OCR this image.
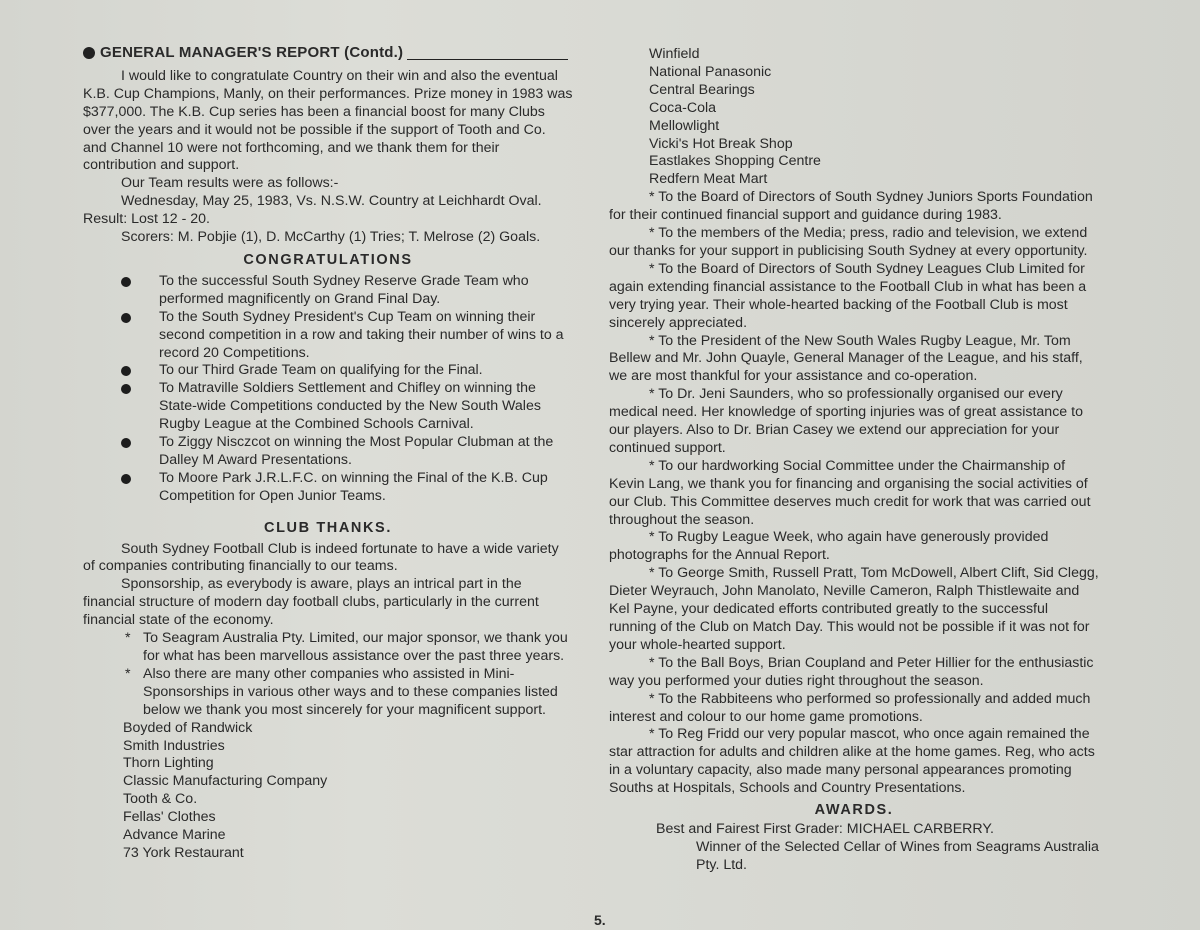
GENERAL MANAGER'S REPORT (Contd.)

I would like to congratulate Country on their win and also the eventual K.B. Cup Champions, Manly, on their performances. Prize money in 1983 was $377,000. The K.B. Cup series has been a financial boost for many Clubs over the years and it would not be possible if the support of Tooth and Co. and Channel 10 were not forthcoming, and we thank them for their contribution and support.

Our Team results were as follows:-

Wednesday, May 25, 1983, Vs. N.S.W. Country at Leichhardt Oval.

Result: Lost 12 - 20.

Scorers: M. Pobjie (1), D. McCarthy (1) Tries; T. Melrose (2) Goals.

CONGRATULATIONS
To the successful South Sydney Reserve Grade Team who performed magnificently on Grand Final Day.
To the South Sydney President's Cup Team on winning their second competition in a row and taking their number of wins to a record 20 Competitions.
To our Third Grade Team on qualifying for the Final.
To Matraville Soldiers Settlement and Chifley on winning the State-wide Competitions conducted by the New South Wales Rugby League at the Combined Schools Carnival.
To Ziggy Nisczcot on winning the Most Popular Clubman at the Dalley M Award Presentations.
To Moore Park J.R.L.F.C. on winning the Final of the K.B. Cup Competition for Open Junior Teams.
CLUB THANKS.

South Sydney Football Club is indeed fortunate to have a wide variety of companies contributing financially to our teams.

Sponsorship, as everybody is aware, plays an intrical part in the financial structure of modern day football clubs, particularly in the current financial state of the economy.

* To Seagram Australia Pty. Limited, our major sponsor, we thank you for what has been marvellous assistance over the past three years.
* Also there are many other companies who assisted in Mini-Sponsorships in various other ways and to these companies listed below we thank you most sincerely for your magnificent support.
Boyded of Randwick
Smith Industries
Thorn Lighting
Classic Manufacturing Company
Tooth & Co.
Fellas' Clothes
Advance Marine
73 York Restaurant
Winfield
National Panasonic
Central Bearings
Coca-Cola
Mellowlight
Vicki's Hot Break Shop
Eastlakes Shopping Centre
Redfern Meat Mart

* To the Board of Directors of South Sydney Juniors Sports Foundation for their continued financial support and guidance during 1983.

* To the members of the Media; press, radio and television, we extend our thanks for your support in publicising South Sydney at every opportunity.

* To the Board of Directors of South Sydney Leagues Club Limited for again extending financial assistance to the Football Club in what has been a very trying year. Their whole-hearted backing of the Football Club is most sincerely appreciated.

* To the President of the New South Wales Rugby League, Mr. Tom Bellew and Mr. John Quayle, General Manager of the League, and his staff, we are most thankful for your assistance and co-operation.

* To Dr. Jeni Saunders, who so professionally organised our every medical need. Her knowledge of sporting injuries was of great assistance to our players. Also to Dr. Brian Casey we extend our appreciation for your continued support.

* To our hardworking Social Committee under the Chairmanship of Kevin Lang, we thank you for financing and organising the social activities of our Club. This Committee deserves much credit for work that was carried out throughout the season.

* To Rugby League Week, who again have generously provided photographs for the Annual Report.

* To George Smith, Russell Pratt, Tom McDowell, Albert Clift, Sid Clegg, Dieter Weyrauch, John Manolato, Neville Cameron, Ralph Thistlewaite and Kel Payne, your dedicated efforts contributed greatly to the successful running of the Club on Match Day. This would not be possible if it was not for your whole-hearted support.

* To the Ball Boys, Brian Coupland and Peter Hillier for the enthusiastic way you performed your duties right throughout the season.

* To the Rabbiteens who performed so professionally and added much interest and colour to our home game promotions.

* To Reg Fridd our very popular mascot, who once again remained the star attraction for adults and children alike at the home games. Reg, who acts in a voluntary capacity, also made many personal appearances promoting Souths at Hospitals, Schools and Country Presentations.

AWARDS.
Best and Fairest First Grader: MICHAEL CARBERRY.
Winner of the Selected Cellar of Wines from Seagrams Australia Pty. Ltd.
5.
